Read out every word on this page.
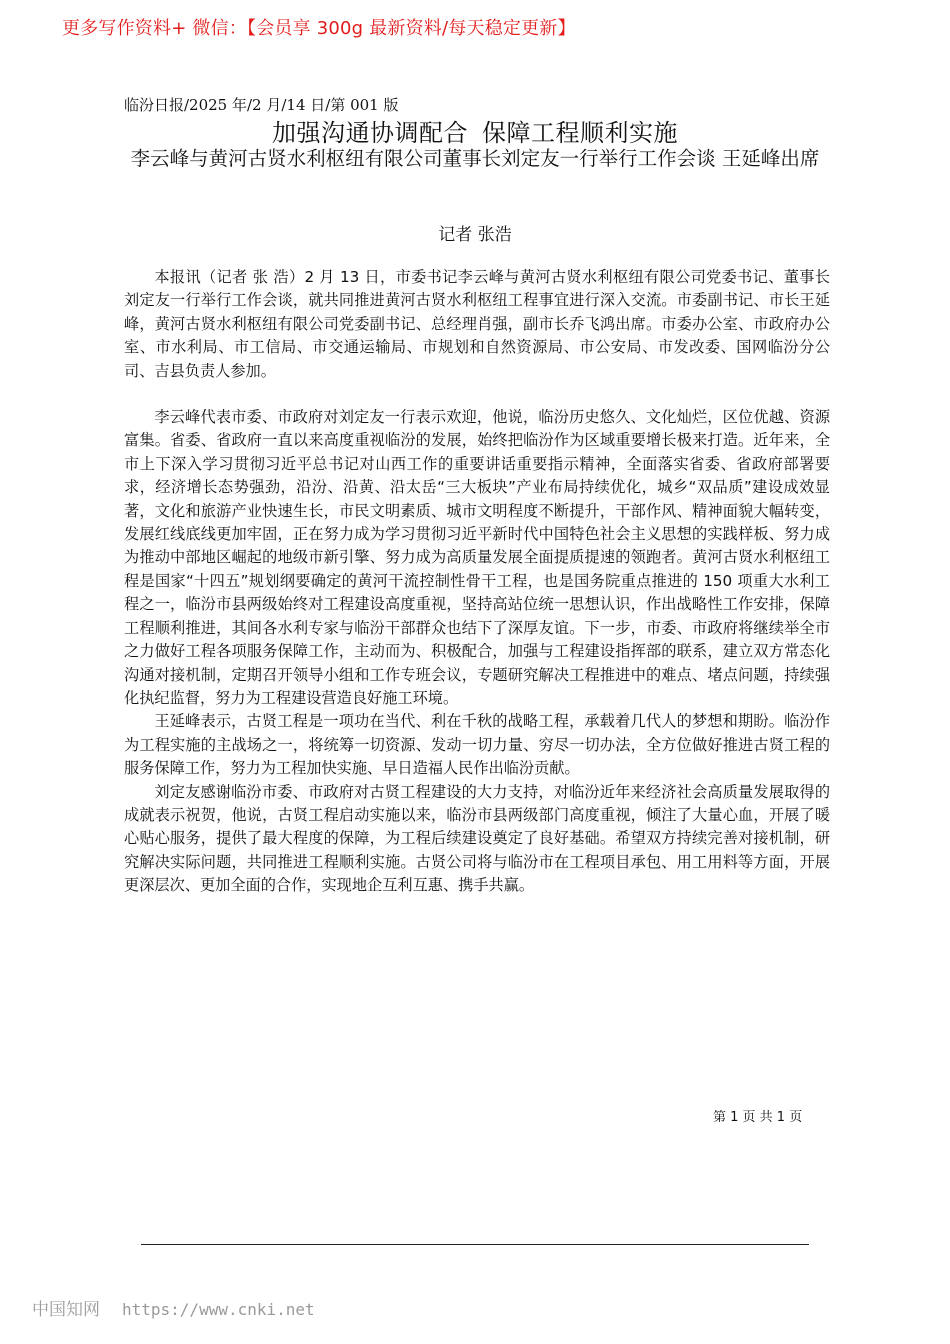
更多写作资料+ 微信：【会员享 300g 最新资料/每天稳定更新】
临汾日报/2025 年/2 月/14 日/第 001 版
加强沟通协调配合 保障工程顺利实施
李云峰与黄河古贤水利枢纽有限公司董事长刘定友一行举行工作会谈 王延峰出席
记者 张浩

本报讯（记者 张 浩）2 月 13 日，市委书记李云峰与黄河古贤水利枢纽有限公司党委书记、董事长刘定友一行举行工作会谈，就共同推进黄河古贤水利枢纽工程事宜进行深入交流。市委副书记、市长王延峰，黄河古贤水利枢纽有限公司党委副书记、总经理肖强，副市长乔飞鸿出席。市委办公室、市政府办公室、市水利局、市工信局、市交通运输局、市规划和自然资源局、市公安局、市发改委、国网临汾分公司、吉县负责人参加。

李云峰代表市委、市政府对刘定友一行表示欢迎，他说，临汾历史悠久、文化灿烂，区位优越、资源富集。省委、省政府一直以来高度重视临汾的发展，始终把临汾作为区域重要增长极来打造。近年来，全市上下深入学习贯彻习近平总书记对山西工作的重要讲话重要指示精神，全面落实省委、省政府部署要求，经济增长态势强劲，沿汾、沿黄、沿太岳“三大板块”产业布局持续优化，城乡“双品质”建设成效显著，文化和旅游产业快速生长，市民文明素质、城市文明程度不断提升，干部作风、精神面貌大幅转变，发展红线底线更加牢固，正在努力成为学习贯彻习近平新时代中国特色社会主义思想的实践样板、努力成为推动中部地区崛起的地级市新引擎、努力成为高质量发展全面提质提速的领跑者。黄河古贤水利枢纽工程是国家“十四五”规划纲要确定的黄河干流控制性骨干工程，也是国务院重点推进的 150 项重大水利工程之一，临汾市县两级始终对工程建设高度重视，坚持高站位统一思想认识，作出战略性工作安排，保障工程顺利推进，其间各水利专家与临汾干部群众也结下了深厚友谊。下一步，市委、市政府将继续举全市之力做好工程各项服务保障工作，主动而为、积极配合，加强与工程建设指挥部的联系，建立双方常态化沟通对接机制，定期召开领导小组和工作专班会议，专题研究解决工程推进中的难点、堵点问题，持续强化执纪监督，努力为工程建设营造良好施工环境。

王延峰表示，古贤工程是一项功在当代、利在千秋的战略工程，承载着几代人的梦想和期盼。临汾作为工程实施的主战场之一，将统筹一切资源、发动一切力量、穷尽一切办法，全方位做好推进古贤工程的服务保障工作，努力为工程加快实施、早日造福人民作出临汾贡献。

刘定友感谢临汾市委、市政府对古贤工程建设的大力支持，对临汾近年来经济社会高质量发展取得的成就表示祝贺，他说，古贤工程启动实施以来，临汾市县两级部门高度重视，倾注了大量心血，开展了暖心贴心服务，提供了最大程度的保障，为工程后续建设奠定了良好基础。希望双方持续完善对接机制，研究解决实际问题，共同推进工程顺利实施。古贤公司将与临汾市在工程项目承包、用工用料等方面，开展更深层次、更加全面的合作，实现地企互利互惠、携手共赢。

第 1 页 共 1 页
中国知网 https://www.cnki.net
